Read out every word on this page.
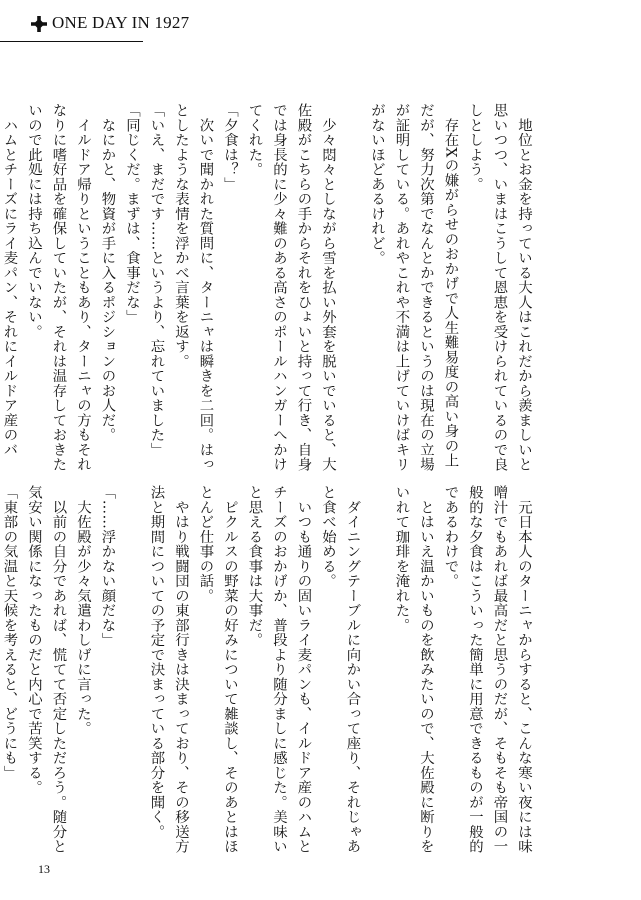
ONE DAY IN 1927

　地位とお金を持っている大人はこれだから羨ましいと

思いつつ、いまはこうして恩恵を受けられているので良

しとしよう。

　存在Xの嫌がらせのおかげで人生難易度の高い身の上

だが、努力次第でなんとかできるというのは現在の立場

が証明している。あれやこれや不満は上げていけばキリ

がないほどあるけれど。

　少々悶々としながら雪を払い外套を脱いでいると、大

佐殿がこちらの手からそれをひょいと持って行き、自身

では身長的に少々難のある高さのポールハンガーへかけ

てくれた。

「夕食は？」

　次いで聞かれた質問に、ターニャは瞬きを二回。はっ

としたような表情を浮かべ言葉を返す。

「いえ、まだです……というより、忘れていました」

「同じくだ。まずは、食事だな」

　なにかと、物資が手に入るポジションのお人だ。

　イルドア帰りということもあり、ターニャの方もそれ

なりに嗜好品を確保していたが、それは温存しておきた

いので此処には持ち込んでいない。

　ハムとチーズにライ麦パン、それにイルドア産のバ

　元日本人のターニャからすると、こんな寒い夜には味

噌汁でもあれば最高だと思うのだが、そもそも帝国の一

般的な夕食はこういった簡単に用意できるものが一般的

であるわけで。

　とはいえ温かいものを飲みたいので、大佐殿に断りを

いれて珈琲を淹れた。

　ダイニングテーブルに向かい合って座り、それじゃあ

と食べ始める。

　いつも通りの固いライ麦パンも、イルドア産のハムと

チーズのおかげか、普段より随分ましに感じた。美味い

と思える食事は大事だ。

　ピクルスの野菜の好みについて雑談し、そのあとはほ

とんど仕事の話。

　やはり戦闘団の東部行きは決まっており、その移送方

法と期間についての予定で決まっている部分を聞く。

「……浮かない顔だな」

　大佐殿が少々気遣わしげに言った。

　以前の自分であれば、慌てて否定しただろう。随分と

気安い関係になったものだと内心で苦笑する。

「東部の気温と天候を考えると、どうにも」

13
